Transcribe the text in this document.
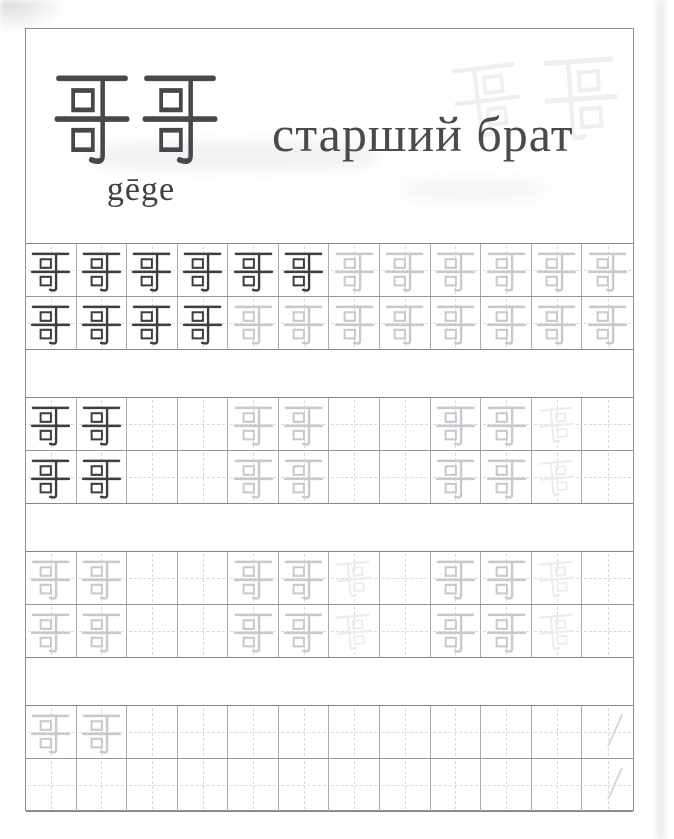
gēge
старший брат
